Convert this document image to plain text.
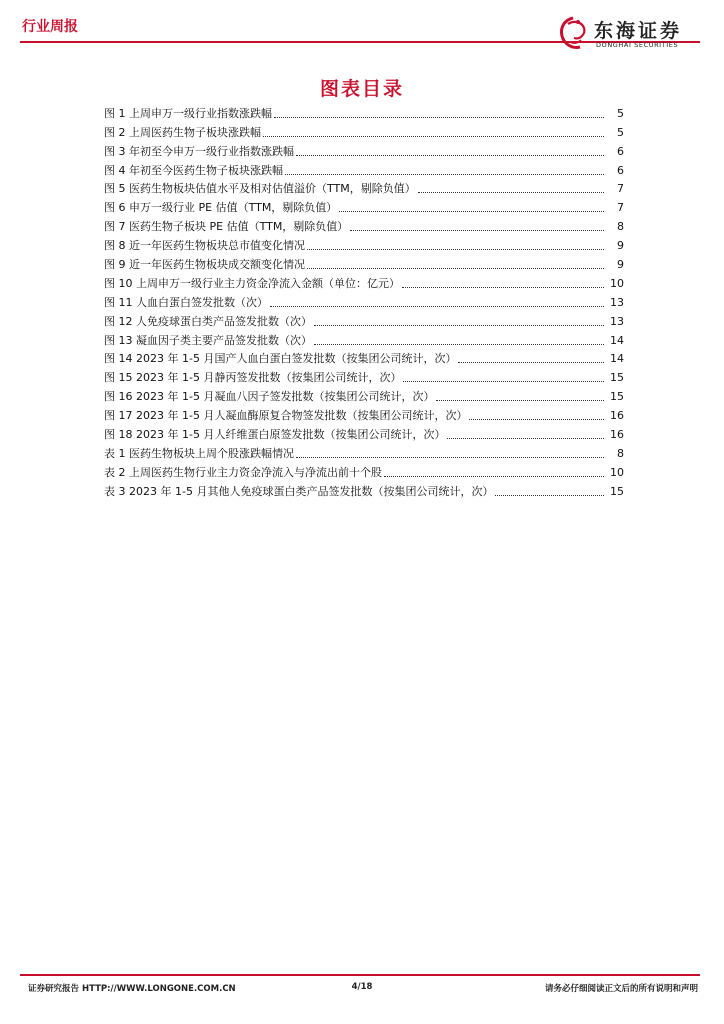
行业周报	东海证券
DONGHAI SECURITIES
图表目录
图 1 上周申万一级行业指数涨跌幅	5
图 2 上周医药生物子板块涨跌幅	5
图 3 年初至今申万一级行业指数涨跌幅	6
图 4 年初至今医药生物子板块涨跌幅	6
图 5 医药生物板块估值水平及相对估值溢价（TTM，剔除负值）	7
图 6 申万一级行业 PE 估值（TTM，剔除负值）	7
图 7 医药生物子板块 PE 估值（TTM，剔除负值）	8
图 8 近一年医药生物板块总市值变化情况	9
图 9 近一年医药生物板块成交额变化情况	9
图 10 上周申万一级行业主力资金净流入金额（单位：亿元）	10
图 11 人血白蛋白签发批数（次）	13
图 12 人免疫球蛋白类产品签发批数（次）	13
图 13 凝血因子类主要产品签发批数（次）	14
图 14 2023 年 1-5 月国产人血白蛋白签发批数（按集团公司统计，次）	14
图 15 2023 年 1-5 月静丙签发批数（按集团公司统计，次）	15
图 16 2023 年 1-5 月凝血八因子签发批数（按集团公司统计，次）	15
图 17 2023 年 1-5 月人凝血酶原复合物签发批数（按集团公司统计，次）	16
图 18 2023 年 1-5 月人纤维蛋白原签发批数（按集团公司统计，次）	16
表 1 医药生物板块上周个股涨跌幅情况	8
表 2 上周医药生物行业主力资金净流入与净流出前十个股	10
表 3 2023 年 1-5 月其他人免疫球蛋白类产品签发批数（按集团公司统计，次）	15
证券研究报告 HTTP://WWW.LONGONE.COM.CN	4/18	请务必仔细阅读正文后的所有说明和声明
